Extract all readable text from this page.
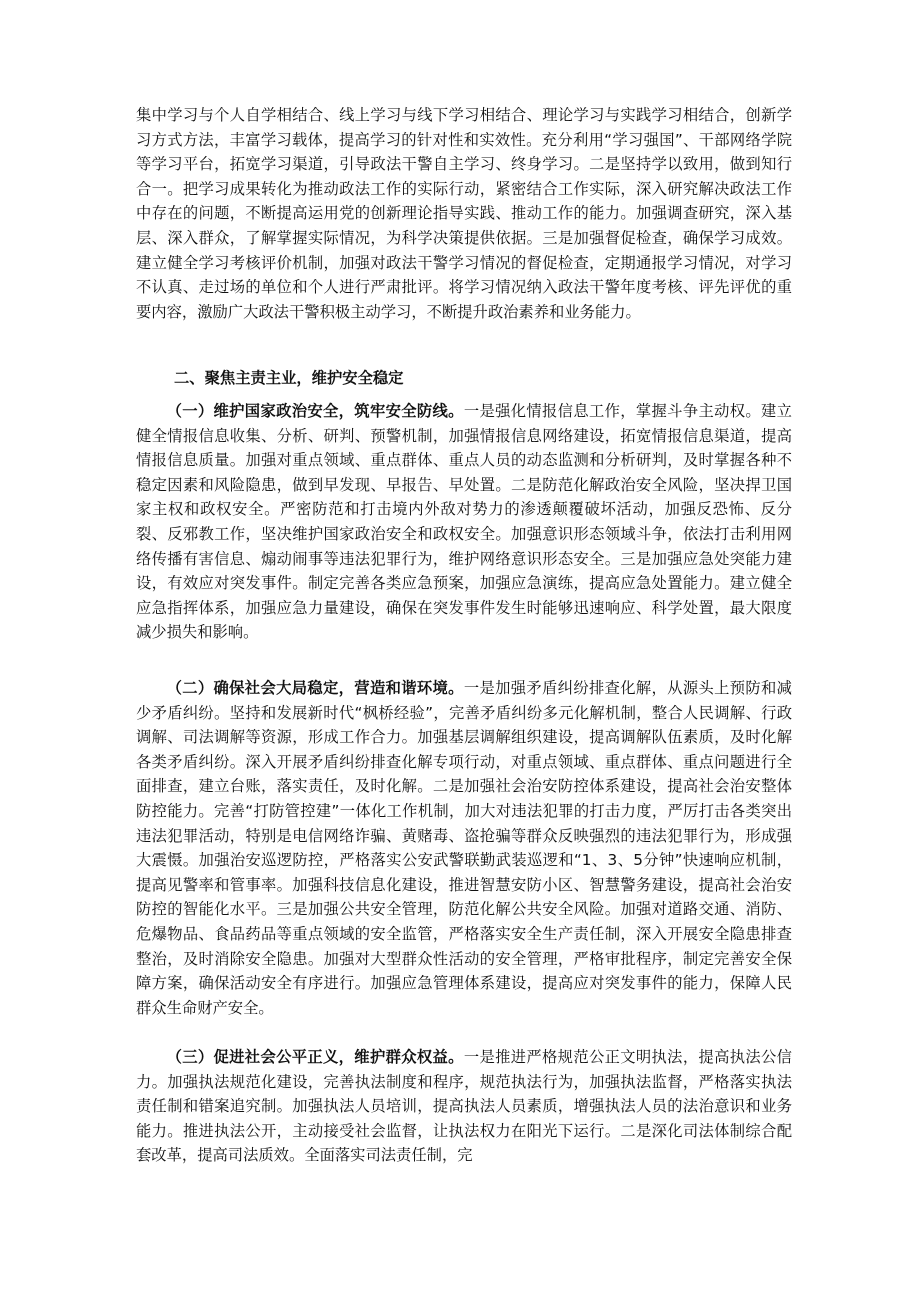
集中学习与个人自学相结合、线上学习与线下学习相结合、理论学习与实践学习相结合，创新学习方式方法，丰富学习载体，提高学习的针对性和实效性。充分利用“学习强国”、干部网络学院等学习平台，拓宽学习渠道，引导政法干警自主学习、终身学习。二是坚持学以致用，做到知行合一。把学习成果转化为推动政法工作的实际行动，紧密结合工作实际，深入研究解决政法工作中存在的问题，不断提高运用党的创新理论指导实践、推动工作的能力。加强调查研究，深入基层、深入群众，了解掌握实际情况，为科学决策提供依据。三是加强督促检查，确保学习成效。建立健全学习考核评价机制，加强对政法干警学习情况的督促检查，定期通报学习情况，对学习不认真、走过场的单位和个人进行严肃批评。将学习情况纳入政法干警年度考核、评先评优的重要内容，激励广大政法干警积极主动学习，不断提升政治素养和业务能力。

二、聚焦主责主业，维护安全稳定

（一）维护国家政治安全，筑牢安全防线。一是强化情报信息工作，掌握斗争主动权。建立健全情报信息收集、分析、研判、预警机制，加强情报信息网络建设，拓宽情报信息渠道，提高情报信息质量。加强对重点领域、重点群体、重点人员的动态监测和分析研判，及时掌握各种不稳定因素和风险隐患，做到早发现、早报告、早处置。二是防范化解政治安全风险，坚决捍卫国家主权和政权安全。严密防范和打击境内外敌对势力的渗透颠覆破坏活动，加强反恐怖、反分裂、反邪教工作，坚决维护国家政治安全和政权安全。加强意识形态领域斗争，依法打击利用网络传播有害信息、煽动闹事等违法犯罪行为，维护网络意识形态安全。三是加强应急处突能力建设，有效应对突发事件。制定完善各类应急预案，加强应急演练，提高应急处置能力。建立健全应急指挥体系，加强应急力量建设，确保在突发事件发生时能够迅速响应、科学处置，最大限度减少损失和影响。

（二）确保社会大局稳定，营造和谐环境。一是加强矛盾纠纷排查化解，从源头上预防和减少矛盾纠纷。坚持和发展新时代“枫桥经验”，完善矛盾纠纷多元化解机制，整合人民调解、行政调解、司法调解等资源，形成工作合力。加强基层调解组织建设，提高调解队伍素质，及时化解各类矛盾纠纷。深入开展矛盾纠纷排查化解专项行动，对重点领域、重点群体、重点问题进行全面排查，建立台账，落实责任，及时化解。二是加强社会治安防控体系建设，提高社会治安整体防控能力。完善“打防管控建”一体化工作机制，加大对违法犯罪的打击力度，严厉打击各类突出违法犯罪活动，特别是电信网络诈骗、黄赌毒、盗抢骗等群众反映强烈的违法犯罪行为，形成强大震慑。加强治安巡逻防控，严格落实公安武警联勤武装巡逻和“1、3、5分钟”快速响应机制，提高见警率和管事率。加强科技信息化建设，推进智慧安防小区、智慧警务建设，提高社会治安防控的智能化水平。三是加强公共安全管理，防范化解公共安全风险。加强对道路交通、消防、危爆物品、食品药品等重点领域的安全监管，严格落实安全生产责任制，深入开展安全隐患排查整治，及时消除安全隐患。加强对大型群众性活动的安全管理，严格审批程序，制定完善安全保障方案，确保活动安全有序进行。加强应急管理体系建设，提高应对突发事件的能力，保障人民群众生命财产安全。

（三）促进社会公平正义，维护群众权益。一是推进严格规范公正文明执法，提高执法公信力。加强执法规范化建设，完善执法制度和程序，规范执法行为，加强执法监督，严格落实执法责任制和错案追究制。加强执法人员培训，提高执法人员素质，增强执法人员的法治意识和业务能力。推进执法公开，主动接受社会监督，让执法权力在阳光下运行。二是深化司法体制综合配套改革，提高司法质效。全面落实司法责任制，完
